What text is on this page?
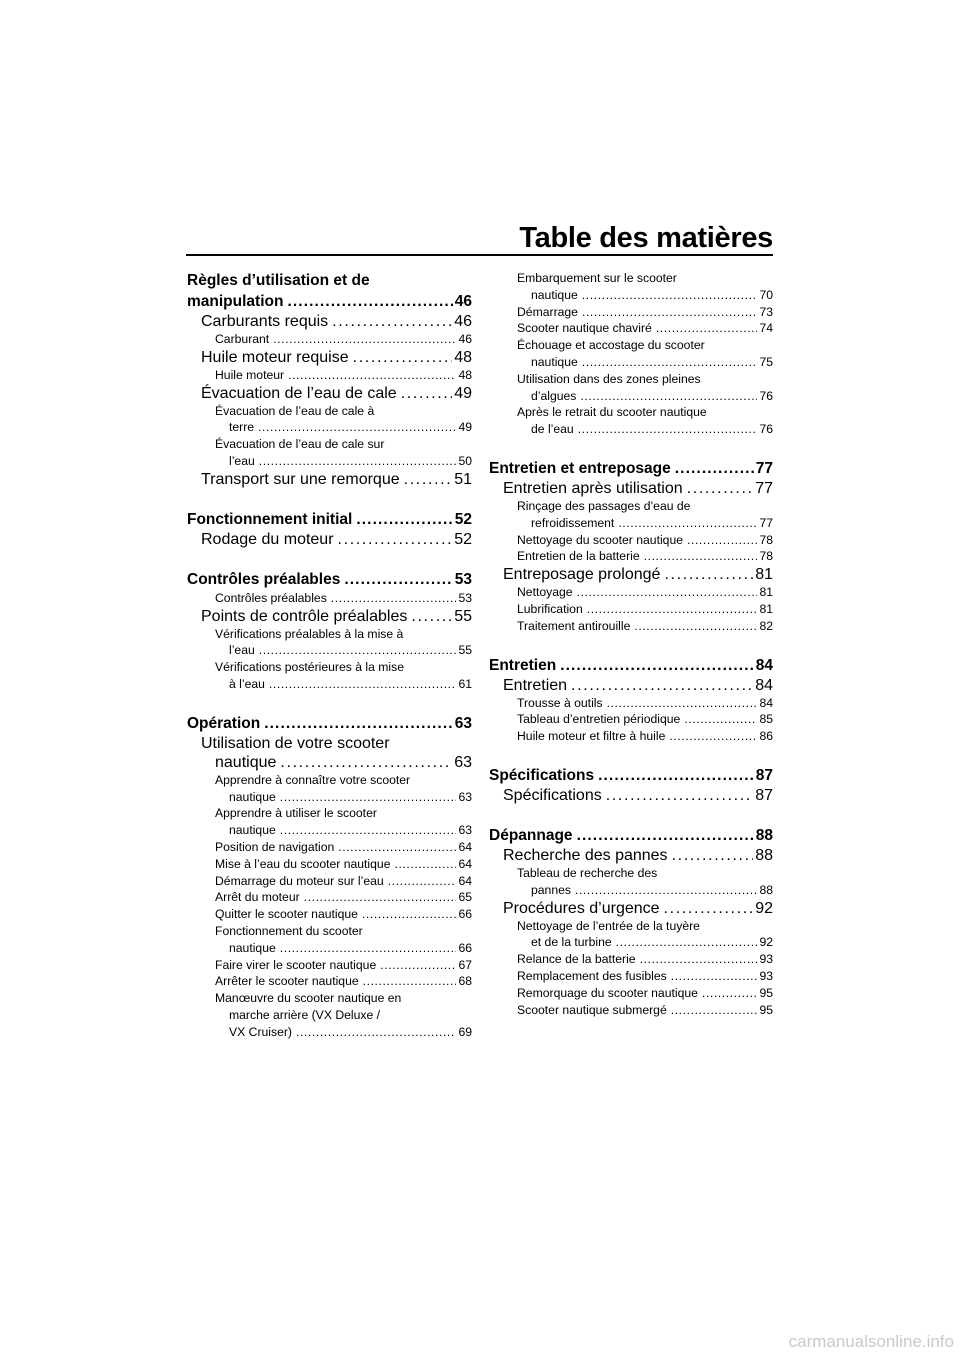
Table des matières
Règles d’utilisation et de
manipulation . . .	46
Carburants requis . . .	46
Carburant . . .	46
Huile moteur requise . . .	48
Huile moteur . . .	48
Évacuation de l’eau de cale . . .	49
Évacuation de l’eau de cale à
terre . . .	49
Évacuation de l’eau de cale sur
l’eau . . .	50
Transport sur une remorque . . .	51
Fonctionnement initial . . .	52
Rodage du moteur . . .	52
Contrôles préalables . . .	53
Contrôles préalables . . .	53
Points de contrôle préalables . . .	55
Vérifications préalables à la mise à
l’eau . . .	55
Vérifications postérieures à la mise
à l’eau . . .	61
Opération . . .	63
Utilisation de votre scooter
nautique . . .	63
Apprendre à connaître votre scooter
nautique . . .	63
Apprendre à utiliser le scooter
nautique . . .	63
Position de navigation . . .	64
Mise à l’eau du scooter nautique . . .	64
Démarrage du moteur sur l’eau . . .	64
Arrêt du moteur . . .	65
Quitter le scooter nautique . . .	66
Fonctionnement du scooter
nautique . . .	66
Faire virer le scooter nautique . . .	67
Arrêter le scooter nautique . . .	68
Manœuvre du scooter nautique en
marche arrière (VX Deluxe /
VX Cruiser) . . .	69
Embarquement sur le scooter
nautique . . .	70
Démarrage . . .	73
Scooter nautique chaviré . . .	74
Échouage et accostage du scooter
nautique . . .	75
Utilisation dans des zones pleines
d’algues . . .	76
Après le retrait du scooter nautique
de l’eau . . .	76
Entretien et entreposage . . .	77
Entretien après utilisation . . .	77
Rinçage des passages d’eau de
refroidissement . . .	77
Nettoyage du scooter nautique . . .	78
Entretien de la batterie . . .	78
Entreposage prolongé . . .	81
Nettoyage . . .	81
Lubrification . . .	81
Traitement antirouille . . .	82
Entretien . . .	84
Entretien . . .	84
Trousse à outils . . .	84
Tableau d’entretien périodique . . .	85
Huile moteur et filtre à huile . . .	86
Spécifications . . .	87
Spécifications . . .	87
Dépannage . . .	88
Recherche des pannes . . .	88
Tableau de recherche des
pannes . . .	88
Procédures d’urgence . . .	92
Nettoyage de l’entrée de la tuyère
et de la turbine . . .	92
Relance de la batterie . . .	93
Remplacement des fusibles . . .	93
Remorquage du scooter nautique . . .	95
Scooter nautique submergé . . .	95
carmanualsonline.info
